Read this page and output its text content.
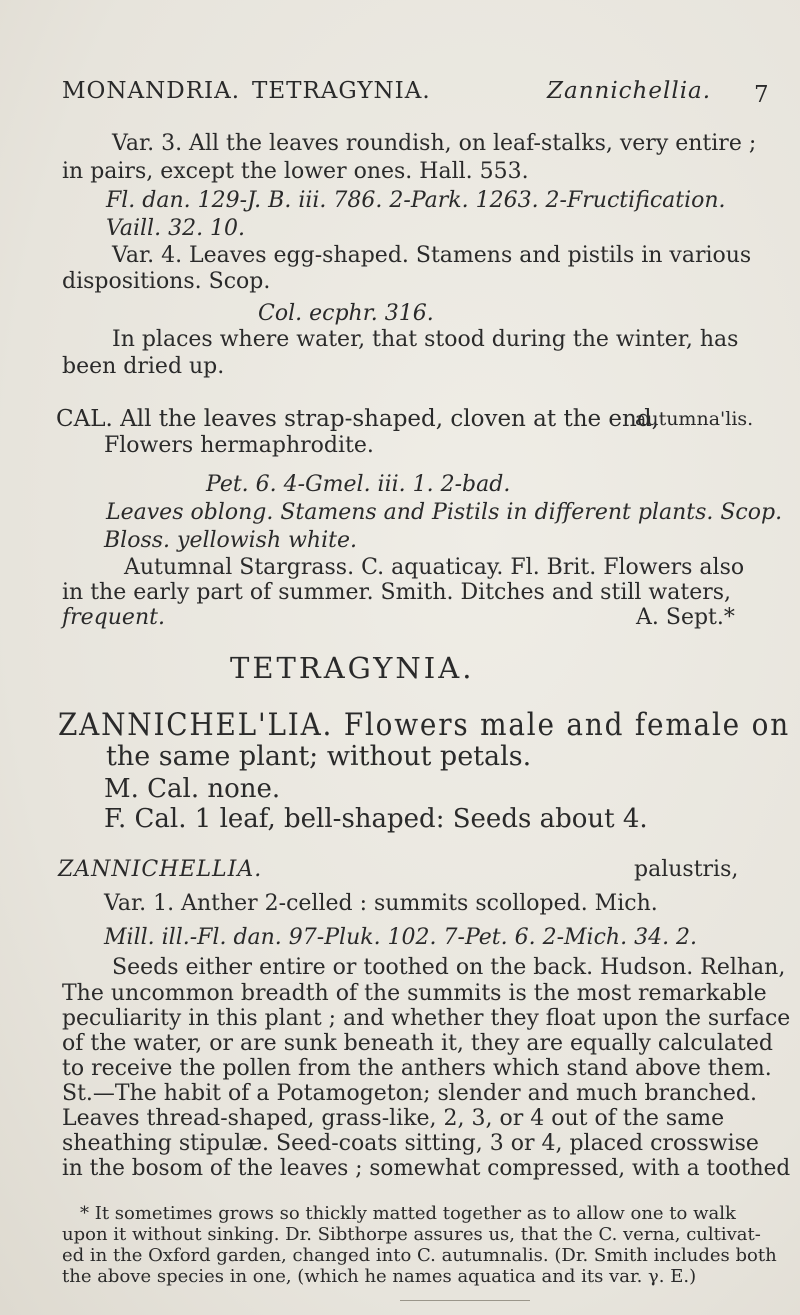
MONANDRIA. TETRAGYNIA.	Zannichellia. 7
Var. 3. All the leaves roundish, on leaf-stalks, very entire ;
in pairs, except the lower ones. Hall. 553.
Fl. dan. 129-J. B. iii. 786. 2-Park. 1263. 2-Fructification.
Vaill. 32. 10.
Var. 4. Leaves egg-shaped. Stamens and pistils in various
dispositions. Scop.
Col. ecphr. 316.
In places where water, that stood during the winter, has
been dried up.
CAL. All the leaves strap-shaped, cloven at the end,
autumna'lis.
Flowers hermaphrodite.
Pet. 6. 4-Gmel. iii. 1. 2-bad.
Leaves oblong. Stamens and Pistils in different plants. Scop.
Bloss. yellowish white.
Autumnal Stargrass. C. aquaticay. Fl. Brit. Flowers also
in the early part of summer. Smith. Ditches and still waters,
frequent.	A. Sept.*
TETRAGYNIA.
ZANNICHEL'LIA. Flowers male and female on
the same plant; without petals.
M. Cal. none.
F. Cal. 1 leaf, bell-shaped: Seeds about 4.
ZANNICHELLIA.	palustris,
Var. 1. Anther 2-celled : summits scolloped. Mich.
Mill. ill.-Fl. dan. 97-Pluk. 102. 7-Pet. 6. 2-Mich. 34. 2.
Seeds either entire or toothed on the back. Hudson. Relhan,
The uncommon breadth of the summits is the most remarkable
peculiarity in this plant ; and whether they float upon the surface
of the water, or are sunk beneath it, they are equally calculated
to receive the pollen from the anthers which stand above them.
St.—The habit of a Potamogeton; slender and much branched.
Leaves thread-shaped, grass-like, 2, 3, or 4 out of the same
sheathing stipulæ. Seed-coats sitting, 3 or 4, placed crosswise
in the bosom of the leaves ; somewhat compressed, with a toothed
* It sometimes grows so thickly matted together as to allow one to walk
upon it without sinking. Dr. Sibthorpe assures us, that the C. verna, cultivat-
ed in the Oxford garden, changed into C. autumnalis. (Dr. Smith includes both
the above species in one, (which he names aquatica and its var. γ. E.)
